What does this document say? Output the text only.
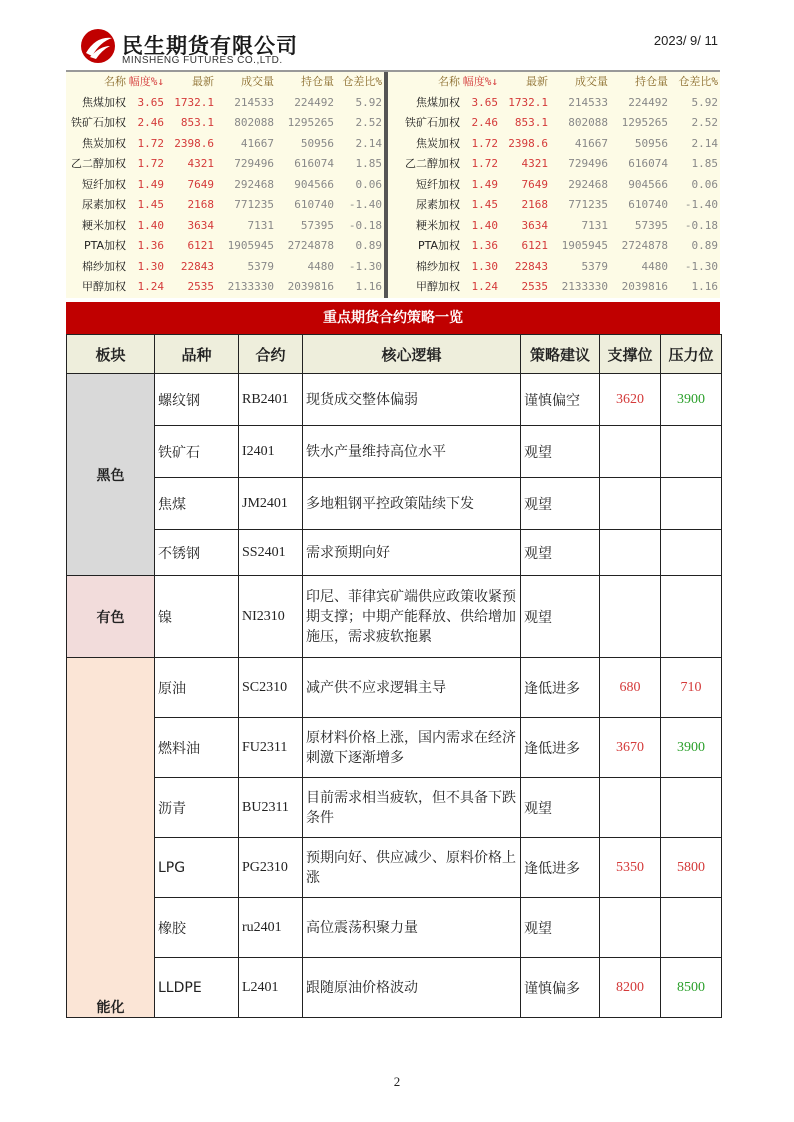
民生期货有限公司
MINSHENG FUTURES CO.,LTD.
2023/ 9/ 11
名称 幅度%↓	最新	成交量	持仓量 仓差比%
焦煤加权	3.65 1732.1	214533	224492	5.92
铁矿石加权	2.46	853.1	802088	1295265	2.52
焦炭加权	1.72 2398.6	41667	50956	2.14
乙二醇加权	1.72	4321	729496	616074	1.85
短纤加权	1.49	7649	292468	904566	0.06
尿素加权	1.45	2168	771235	610740	-1.40
粳米加权	1.40	3634	7131	57395	-0.18
PTA加权	1.36	6121	1905945	2724878	0.89
棉纱加权	1.30	22843	5379	4480	-1.30
甲醇加权	1.24	2535	2133330	2039816	1.16
名称 幅度%↓	最新	成交量	持仓量 仓差比%
焦煤加权	3.65 1732.1	214533	224492	5.92
铁矿石加权	2.46	853.1	802088	1295265	2.52
焦炭加权	1.72 2398.6	41667	50956	2.14
乙二醇加权	1.72	4321	729496	616074	1.85
短纤加权	1.49	7649	292468	904566	0.06
尿素加权	1.45	2168	771235	610740	-1.40
粳米加权	1.40	3634	7131	57395	-0.18
PTA加权	1.36	6121	1905945	2724878	0.89
棉纱加权	1.30	22843	5379	4480	-1.30
甲醇加权	1.24	2535	2133330	2039816	1.16
重点期货合约策略一览
板块	品种	合约	核心逻辑	策略建议	支撑位	压力位
黑色	螺纹钢	RB2401	现货成交整体偏弱	谨慎偏空	3620	3900
	铁矿石	I2401	铁水产量维持高位水平	观望		
	焦煤	JM2401	多地粗钢平控政策陆续下发	观望		
	不锈钢	SS2401	需求预期向好	观望		
有色	镍	NI2310	印尼、菲律宾矿端供应政策收紧预期支撑；中期产能释放、供给增加施压，需求疲软拖累	观望		
能化	原油	SC2310	减产供不应求逻辑主导	逢低进多	680	710
	燃料油	FU2311	原材料价格上涨，国内需求在经济刺激下逐渐增多	逢低进多	3670	3900
	沥青	BU2311	目前需求相当疲软，但不具备下跌条件	观望		
	LPG	PG2310	预期向好、供应减少、原料价格上涨	逢低进多	5350	5800
	橡胶	ru2401	高位震荡积聚力量	观望		
	LLDPE	L2401	跟随原油价格波动	谨慎偏多	8200	8500
2
